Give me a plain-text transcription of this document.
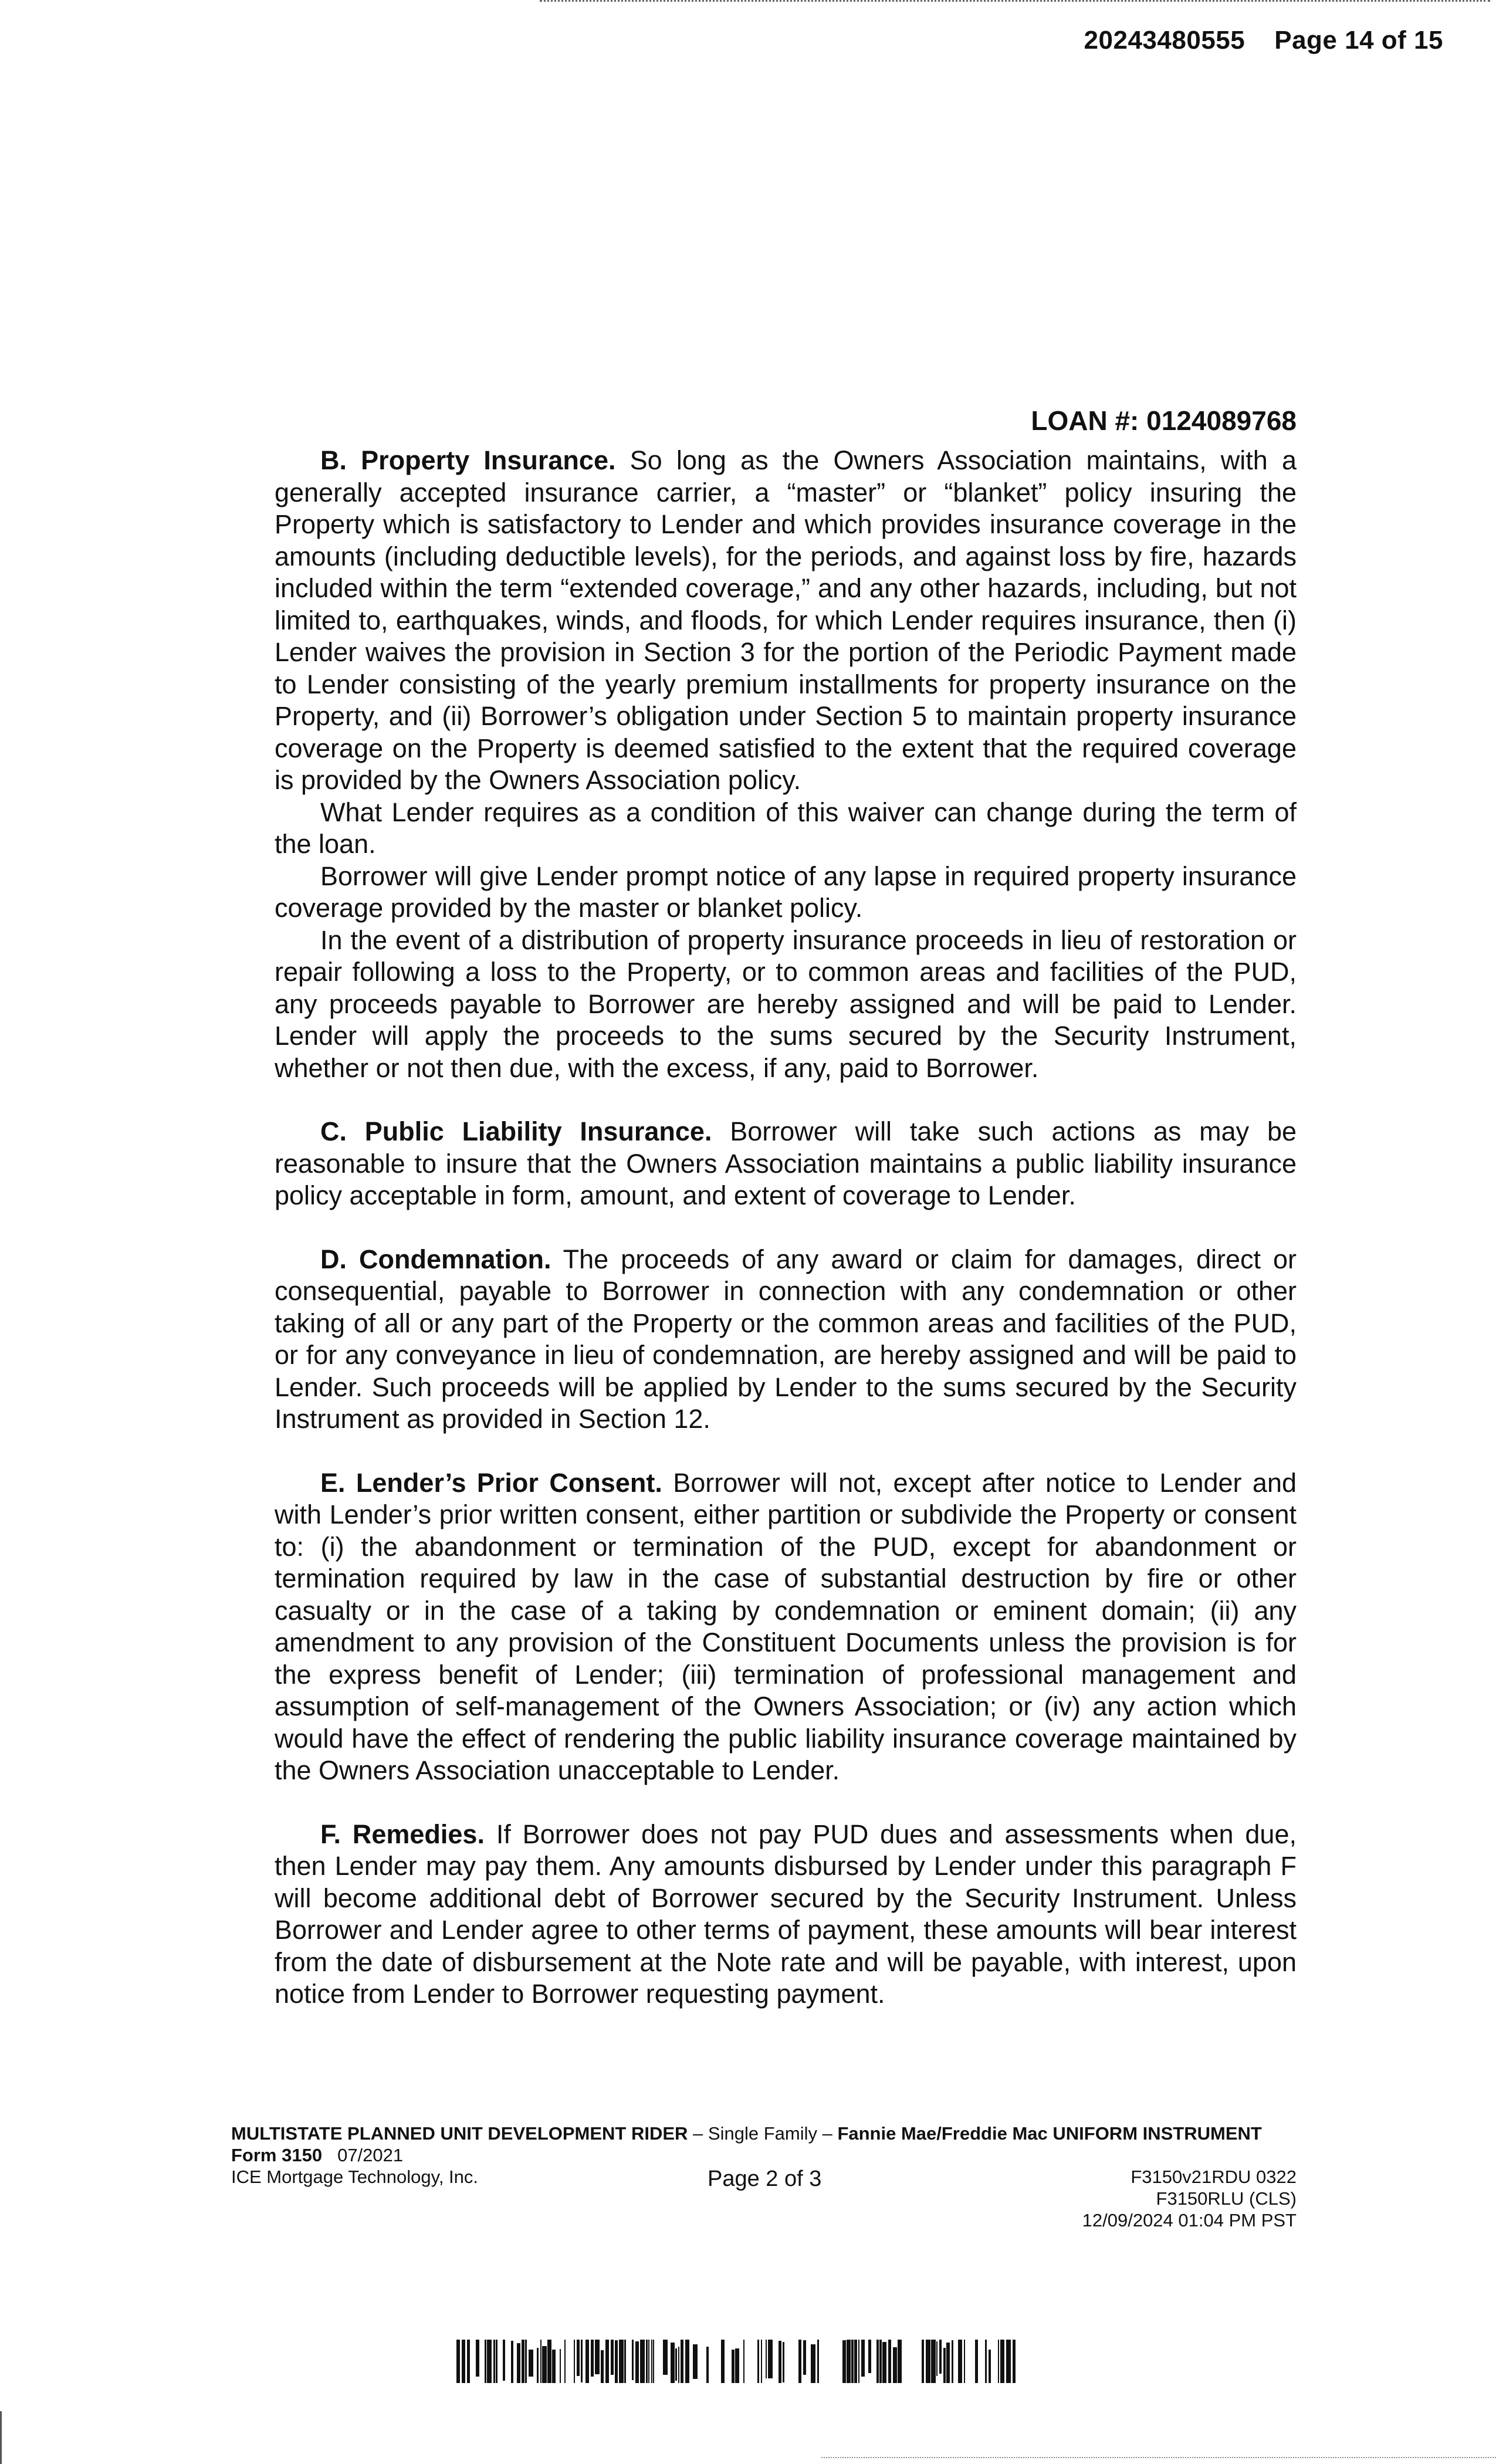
20243480555 Page 14 of 15
LOAN #: 0124089768

B. Property Insurance. So long as the Owners Association maintains, with a generally accepted insurance carrier, a “master” or “blanket” policy insuring the Property which is satisfactory to Lender and which provides insurance coverage in the amounts (including deductible levels), for the periods, and against loss by fire, hazards included within the term “extended coverage,” and any other hazards, including, but not limited to, earthquakes, winds, and floods, for which Lender requires insurance, then (i) Lender waives the provision in Section 3 for the portion of the Periodic Payment made to Lender consisting of the yearly premium installments for property insurance on the Property, and (ii) Borrower’s obligation under Section 5 to maintain property insurance coverage on the Property is deemed satisfied to the extent that the required coverage is provided by the Owners Association policy.

What Lender requires as a condition of this waiver can change during the term of the loan.

Borrower will give Lender prompt notice of any lapse in required property insurance coverage provided by the master or blanket policy.

In the event of a distribution of property insurance proceeds in lieu of restoration or repair following a loss to the Property, or to common areas and facilities of the PUD, any proceeds payable to Borrower are hereby assigned and will be paid to Lender. Lender will apply the proceeds to the sums secured by the Security Instrument, whether or not then due, with the excess, if any, paid to Borrower.

C. Public Liability Insurance. Borrower will take such actions as may be reasonable to insure that the Owners Association maintains a public liability insurance policy acceptable in form, amount, and extent of coverage to Lender.

D. Condemnation. The proceeds of any award or claim for damages, direct or consequential, payable to Borrower in connection with any condemnation or other taking of all or any part of the Property or the common areas and facilities of the PUD, or for any conveyance in lieu of condemnation, are hereby assigned and will be paid to Lender. Such proceeds will be applied by Lender to the sums secured by the Security Instrument as provided in Section 12.

E. Lender’s Prior Consent. Borrower will not, except after notice to Lender and with Lender’s prior written consent, either partition or subdivide the Property or consent to: (i) the abandonment or termination of the PUD, except for abandonment or termination required by law in the case of substantial destruction by fire or other casualty or in the case of a taking by condemnation or eminent domain; (ii) any amendment to any provision of the Constituent Documents unless the provision is for the express benefit of Lender; (iii) termination of professional management and assumption of self-management of the Owners Association; or (iv) any action which would have the effect of rendering the public liability insurance coverage maintained by the Owners Association unacceptable to Lender.

F. Remedies. If Borrower does not pay PUD dues and assessments when due, then Lender may pay them. Any amounts disbursed by Lender under this paragraph F will become additional debt of Borrower secured by the Security Instrument. Unless Borrower and Lender agree to other terms of payment, these amounts will bear interest from the date of disbursement at the Note rate and will be payable, with interest, upon notice from Lender to Borrower requesting payment.

MULTISTATE PLANNED UNIT DEVELOPMENT RIDER – Single Family – Fannie Mae/Freddie Mac UNIFORM INSTRUMENT
Form 3150 07/2021
ICE Mortgage Technology, Inc.	Page 2 of 3	F3150v21RDU 0322
F3150RLU (CLS)
12/09/2024 01:04 PM PST
